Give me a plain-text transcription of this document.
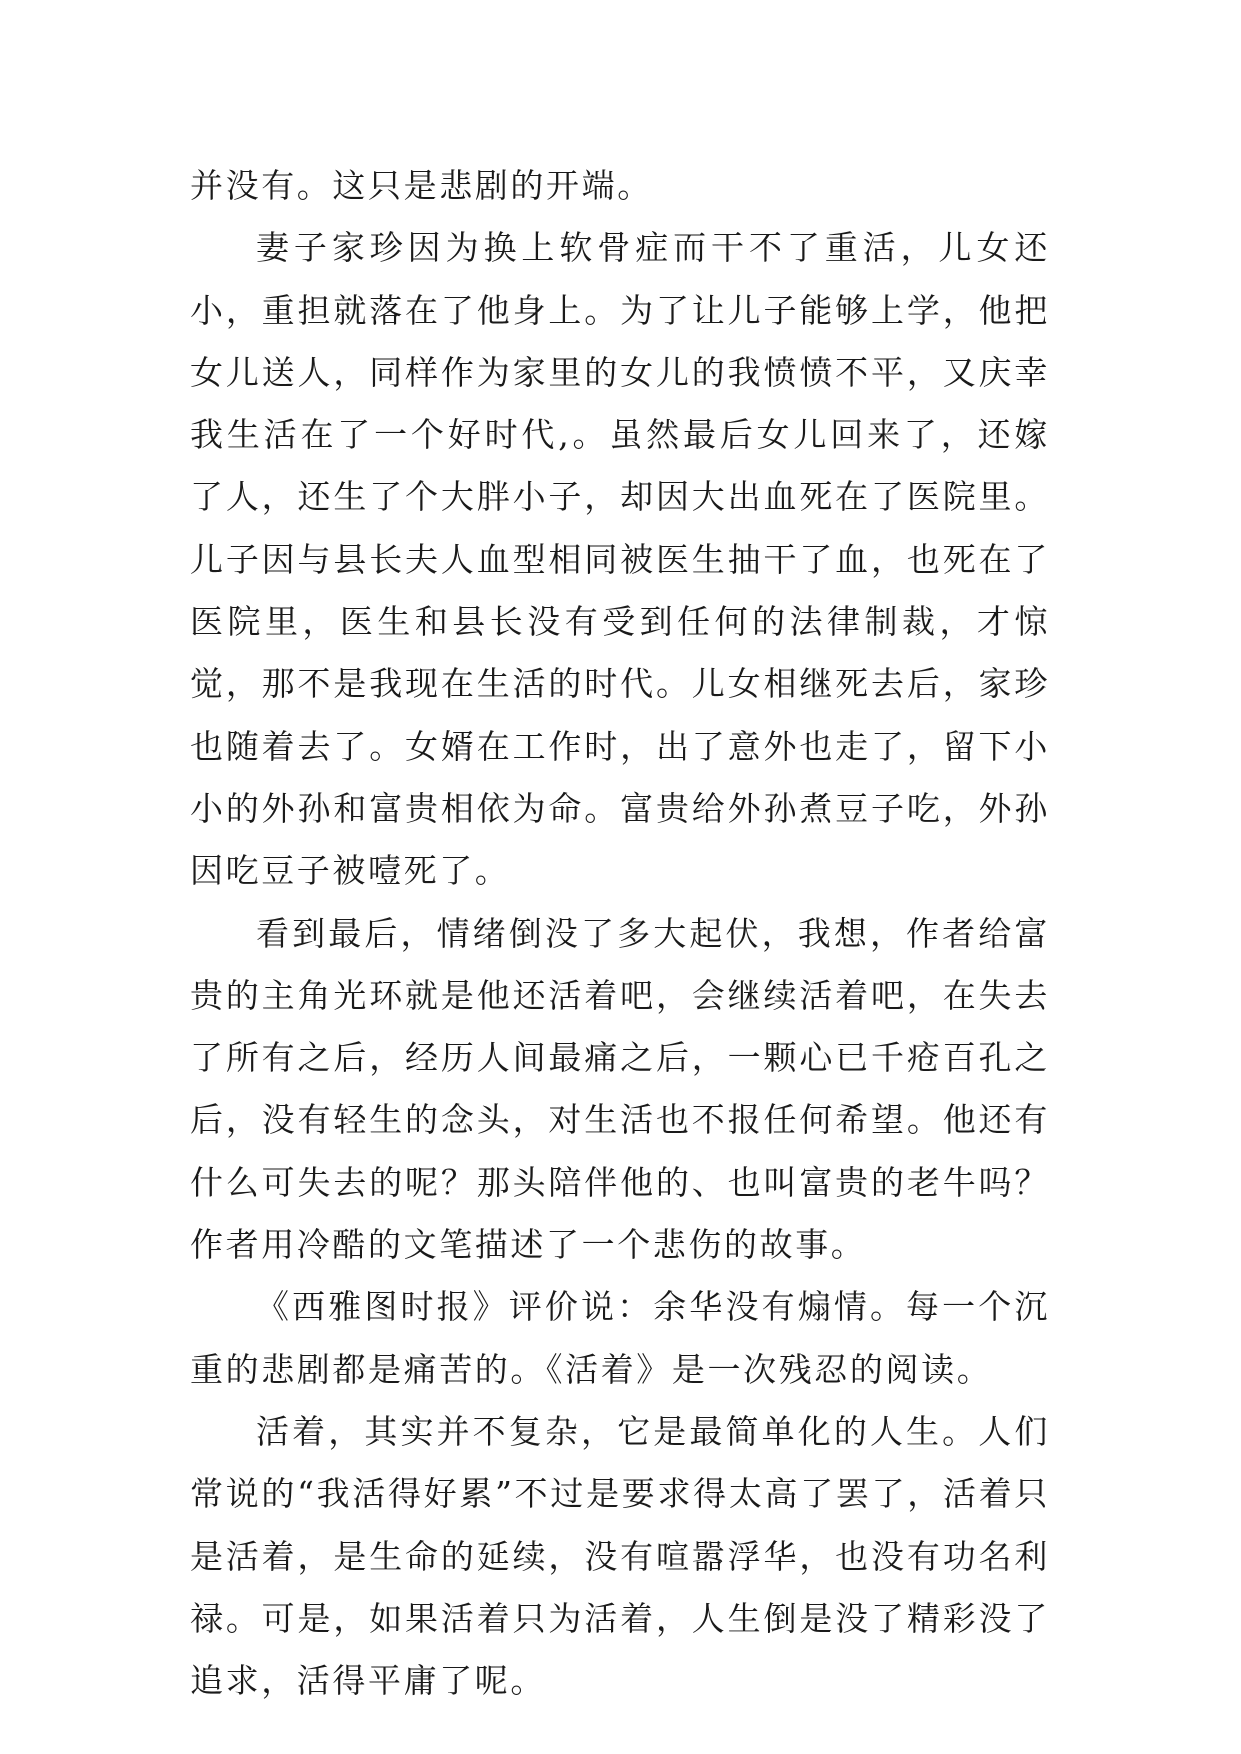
并没有。这只是悲剧的开端。

妻子家珍因为换上软骨症而干不了重活，儿女还小，重担就落在了他身上。为了让儿子能够上学，他把女儿送人，同样作为家里的女儿的我愤愤不平，又庆幸我生活在了一个好时代,。虽然最后女儿回来了，还嫁了人，还生了个大胖小子，却因大出血死在了医院里。儿子因与县长夫人血型相同被医生抽干了血，也死在了医院里，医生和县长没有受到任何的法律制裁，才惊觉，那不是我现在生活的时代。儿女相继死去后，家珍也随着去了。女婿在工作时，出了意外也走了，留下小小的外孙和富贵相依为命。富贵给外孙煮豆子吃，外孙因吃豆子被噎死了。

看到最后，情绪倒没了多大起伏，我想，作者给富贵的主角光环就是他还活着吧，会继续活着吧，在失去了所有之后，经历人间最痛之后，一颗心已千疮百孔之后，没有轻生的念头，对生活也不报任何希望。他还有什么可失去的呢？那头陪伴他的、也叫富贵的老牛吗？作者用冷酷的文笔描述了一个悲伤的故事。

《西雅图时报》评价说：余华没有煽情。每一个沉重的悲剧都是痛苦的。《活着》是一次残忍的阅读。

活着，其实并不复杂，它是最简单化的人生。人们常说的“我活得好累”不过是要求得太高了罢了，活着只是活着，是生命的延续，没有喧嚣浮华，也没有功名利禄。可是，如果活着只为活着，人生倒是没了精彩没了追求，活得平庸了呢。
